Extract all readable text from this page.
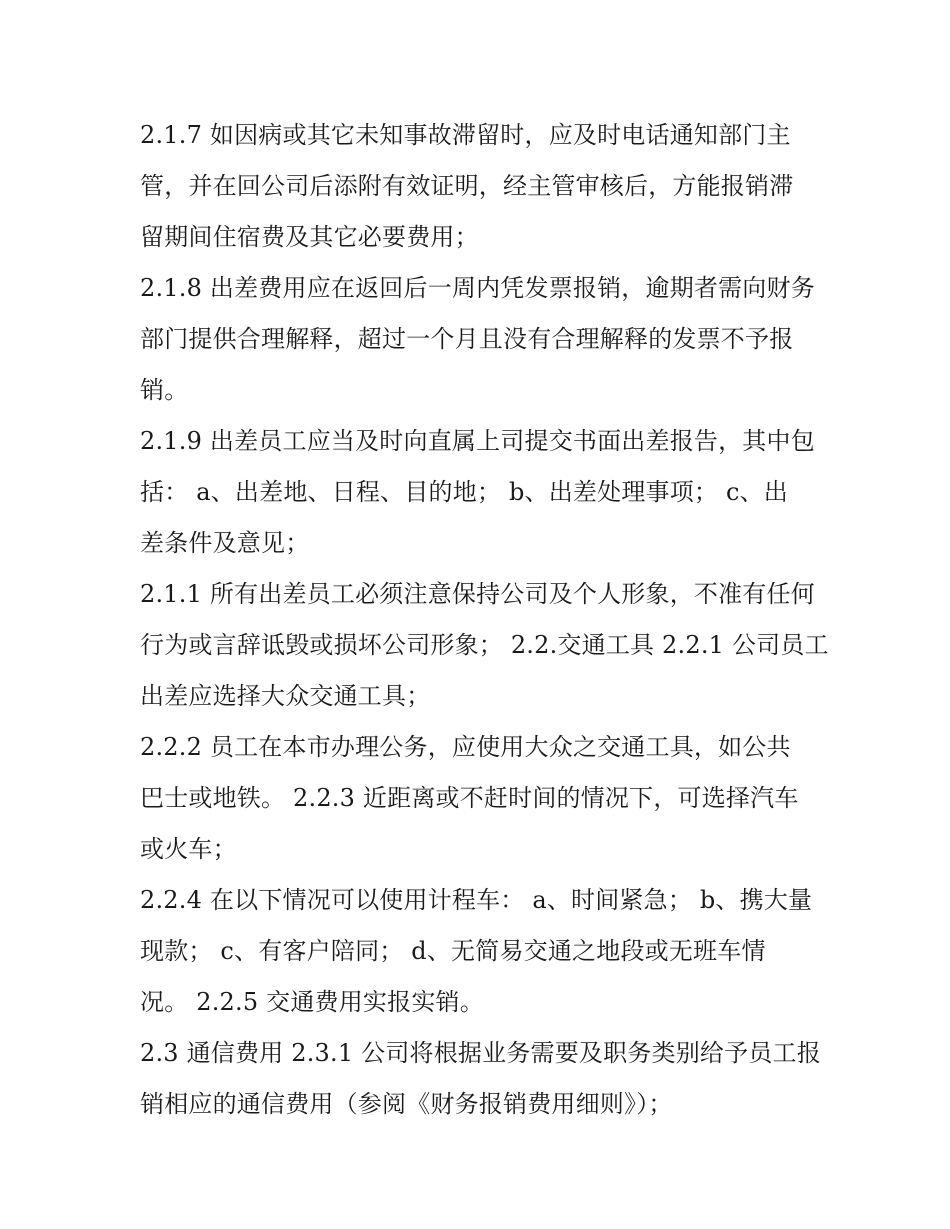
2.1.7 如因病或其它未知事故滞留时，应及时电话通知部门主
管，并在回公司后添附有效证明，经主管审核后，方能报销滞
留期间住宿费及其它必要费用；

2.1.8 出差费用应在返回后一周内凭发票报销，逾期者需向财务
部门提供合理解释，超过一个月且没有合理解释的发票不予报
销。

2.1.9 出差员工应当及时向直属上司提交书面出差报告，其中包
括： a、出差地、日程、目的地； b、出差处理事项； c、出
差条件及意见；

2.1.1 所有出差员工必须注意保持公司及个人形象，不准有任何
行为或言辞诋毁或损坏公司形象； 2.2.交通工具 2.2.1 公司员工
出差应选择大众交通工具；

2.2.2 员工在本市办理公务，应使用大众之交通工具，如公共
巴士或地铁。 2.2.3 近距离或不赶时间的情况下，可选择汽车
或火车；

2.2.4 在以下情况可以使用计程车： a、时间紧急； b、携大量
现款； c、有客户陪同； d、无简易交通之地段或无班车情
况。 2.2.5 交通费用实报实销。

2.3 通信费用 2.3.1 公司将根据业务需要及职务类别给予员工报
销相应的通信费用（参阅《财务报销费用细则》）；
